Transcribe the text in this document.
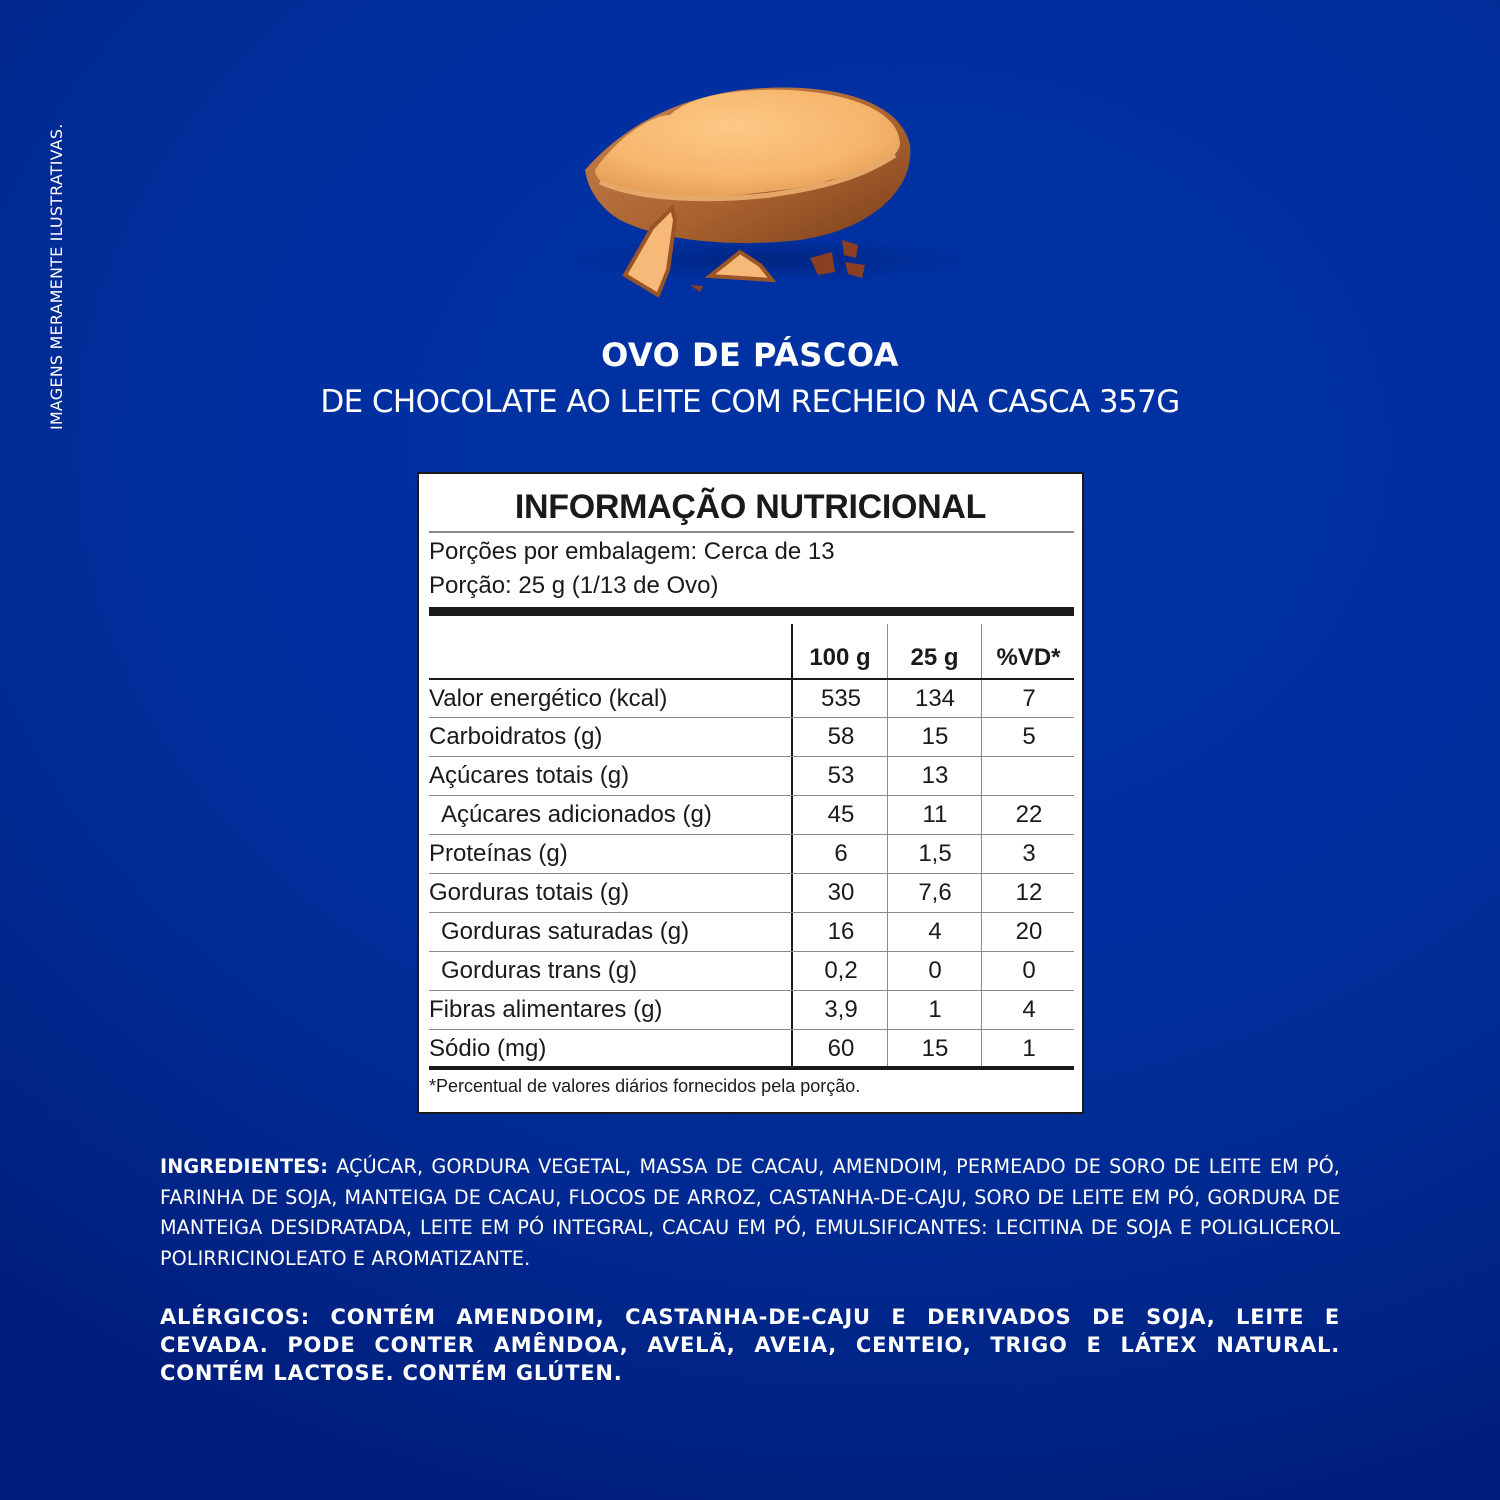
IMAGENS MERAMENTE ILUSTRATIVAS.	OVO DE PÁSCOA
DE CHOCOLATE AO LEITE COM RECHEIO NA CASCA 357G
INFORMAÇÃO NUTRICIONAL
Porções por embalagem: Cerca de 13
Porção: 25 g (1/13 de Ovo)
100 g	25 g	%VD*
Valor energético (kcal)	535	134	7
Carboidratos (g)	58	15	5
Açúcares totais (g)	53	13
Açúcares adicionados (g)	45	11	22
Proteínas (g)	6	1,5	3
Gorduras totais (g)	30	7,6	12
Gorduras saturadas (g)	16	4	20
Gorduras trans (g)	0,2	0	0
Fibras alimentares (g)	3,9	1	4
Sódio (mg)	60	15	1
*Percentual de valores diários fornecidos pela porção.
INGREDIENTES: AÇÚCAR, GORDURA VEGETAL, MASSA DE CACAU, AMENDOIM, PERMEADO DE SORO DE LEITE EM PÓ, FARINHA DE SOJA, MANTEIGA DE CACAU, FLOCOS DE ARROZ, CASTANHA-DE-CAJU, SORO DE LEITE EM PÓ, GORDURA DE MANTEIGA DESIDRATADA, LEITE EM PÓ INTEGRAL, CACAU EM PÓ, EMULSIFICANTES: LECITINA DE SOJA E POLIGLICEROL POLIRRICINOLEATO E AROMATIZANTE.
ALÉRGICOS: CONTÉM AMENDOIM, CASTANHA-DE-CAJU E DERIVADOS DE SOJA, LEITE E CEVADA. PODE CONTER AMÊNDOA, AVELÃ, AVEIA, CENTEIO, TRIGO E LÁTEX NATURAL. CONTÉM LACTOSE. CONTÉM GLÚTEN.
